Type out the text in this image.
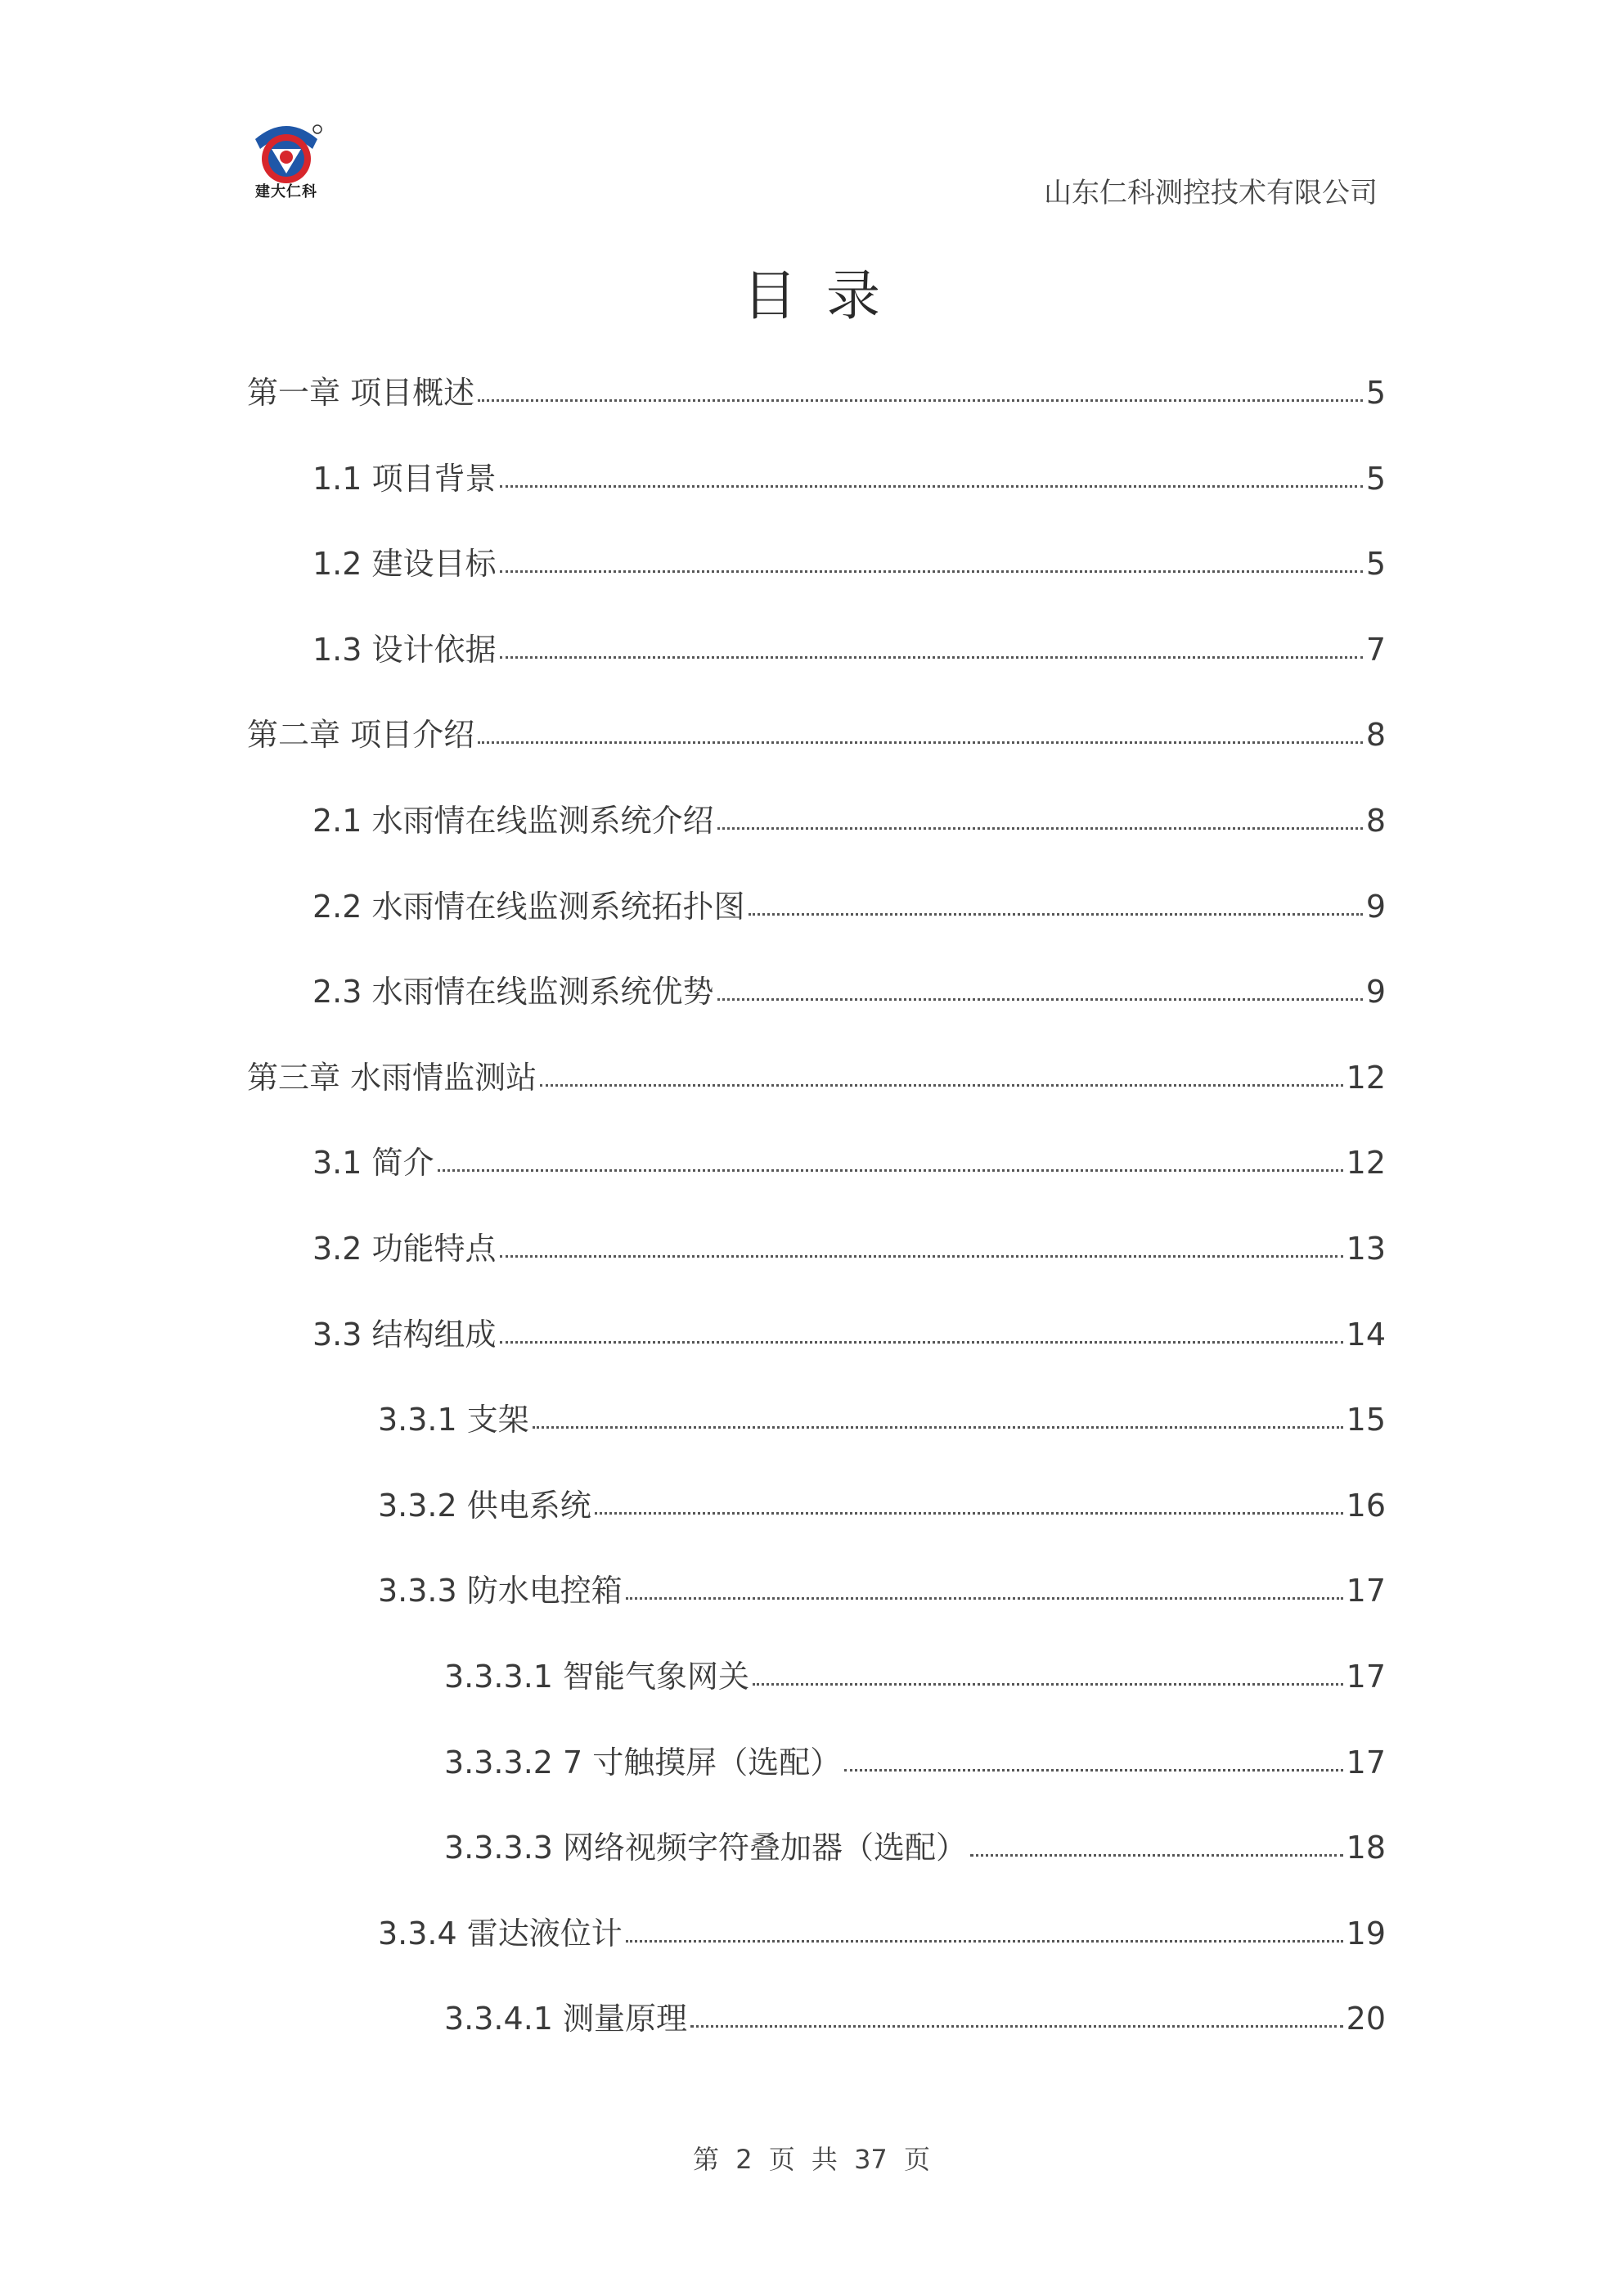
建大仁科	山东仁科测控技术有限公司
目录
第一章 项目概述	5
1.1 项目背景	5
1.2 建设目标	5
1.3 设计依据	7
第二章 项目介绍	8
2.1 水雨情在线监测系统介绍	8
2.2 水雨情在线监测系统拓扑图	9
2.3 水雨情在线监测系统优势	9
第三章 水雨情监测站	12
3.1 简介	12
3.2 功能特点	13
3.3 结构组成	14
3.3.1 支架	15
3.3.2 供电系统	16
3.3.3 防水电控箱	17
3.3.3.1 智能气象网关	17
3.3.3.2 7 寸触摸屏（选配）	17
3.3.3.3 网络视频字符叠加器（选配）	18
3.3.4 雷达液位计	19
3.3.4.1 测量原理	20
第 2 页 共 37 页
